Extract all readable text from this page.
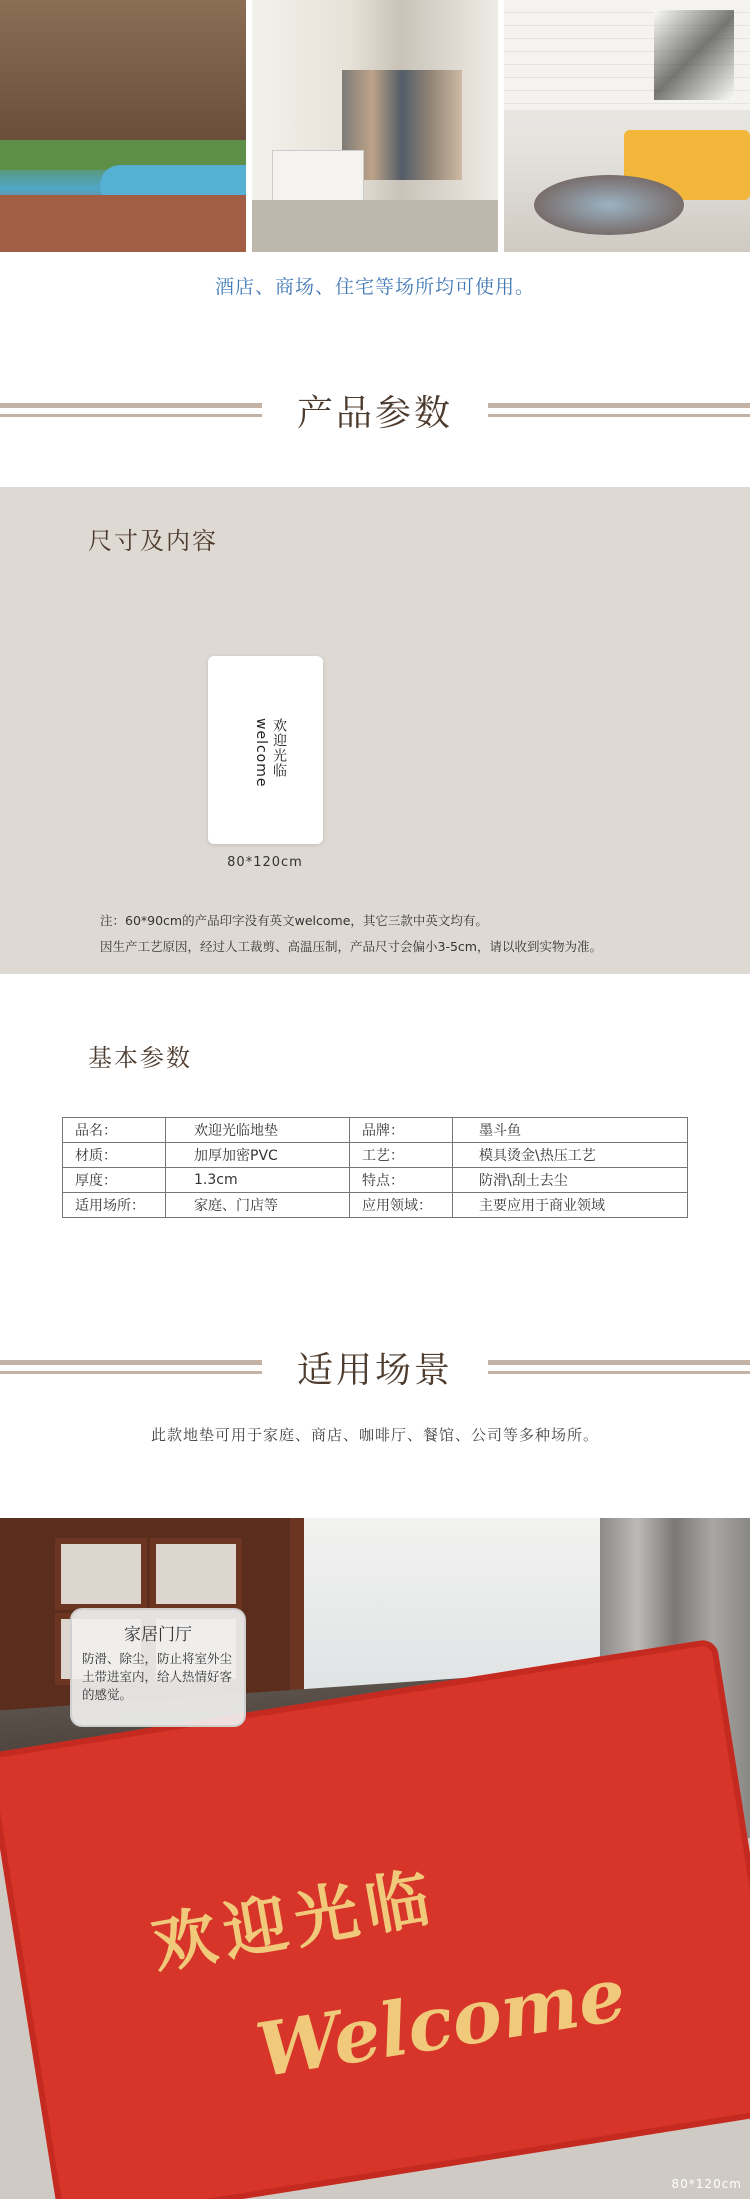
酒店、商场、住宅等场所均可使用。
产品参数
尺寸及内容
欢迎光临
welcome
80*120cm
注：60*90cm的产品印字没有英文welcome，其它三款中英文均有。
因生产工艺原因，经过人工裁剪、高温压制，产品尺寸会偏小3-5cm，请以收到实物为准。
基本参数
品名：	欢迎光临地垫	品牌：	墨斗鱼
材质：	加厚加密PVC	工艺：	模具烫金\热压工艺
厚度：	1.3cm	特点：	防滑\刮土去尘
适用场所：	家庭、门店等	应用领域：	主要应用于商业领域
适用场景
此款地垫可用于家庭、商店、咖啡厅、餐馆、公司等多种场所。
欢迎光临
Welcome
家居门厅
防滑、除尘，防止将室外尘土带进室内，给人热情好客的感觉。
80*120cm
